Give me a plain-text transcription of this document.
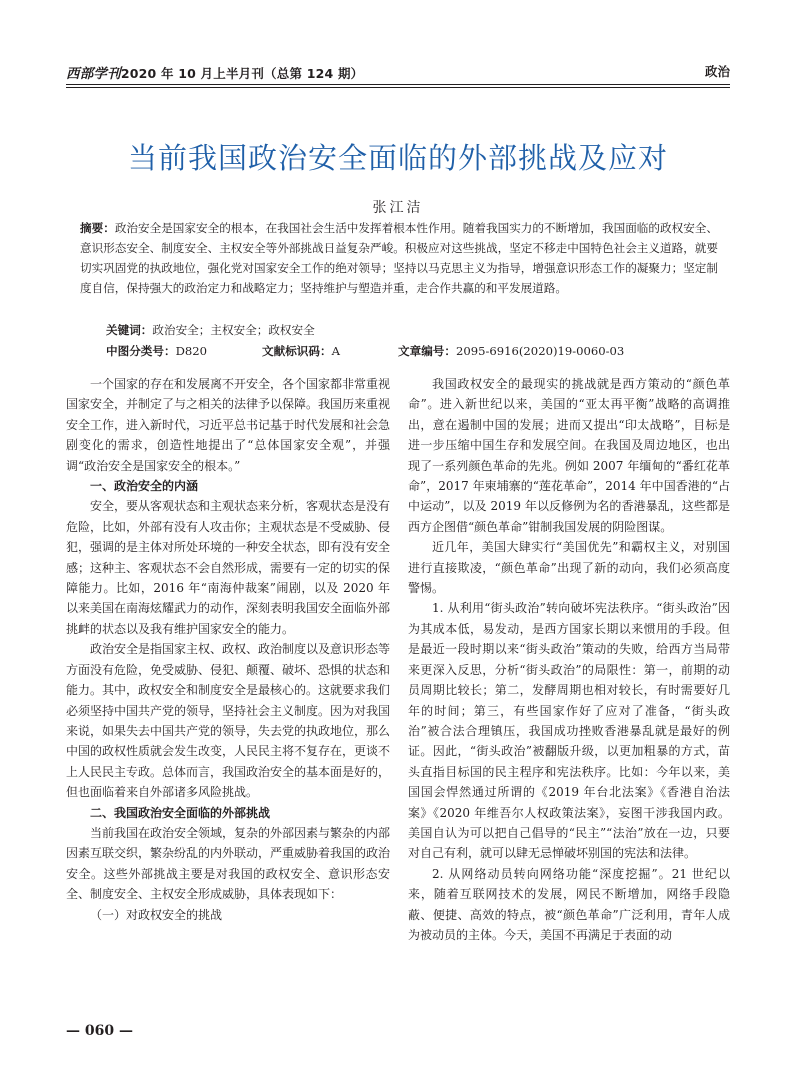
西部学刊2020 年 10 月上半月刊（总第 124 期）	政治
当前我国政治安全面临的外部挑战及应对
张江洁
摘要：政治安全是国家安全的根本，在我国社会生活中发挥着根本性作用。随着我国实力的不断增加，我国面临的政权安全、意识形态安全、制度安全、主权安全等外部挑战日益复杂严峻。积极应对这些挑战，坚定不移走中国特色社会主义道路，就要切实巩固党的执政地位，强化党对国家安全工作的绝对领导；坚持以马克思主义为指导，增强意识形态工作的凝聚力；坚定制度自信，保持强大的政治定力和战略定力；坚持维护与塑造并重，走合作共赢的和平发展道路。
关键词：政治安全；主权安全；政权安全
中图分类号：D820	文献标识码：A	文章编号：2095-6916(2020)19-0060-03

一个国家的存在和发展离不开安全，各个国家都非常重视国家安全，并制定了与之相关的法律予以保障。我国历来重视安全工作，进入新时代，习近平总书记基于时代发展和社会急剧变化的需求，创造性地提出了“总体国家安全观”，并强调“政治安全是国家安全的根本。”

一、政治安全的内涵

安全，要从客观状态和主观状态来分析，客观状态是没有危险，比如，外部有没有人攻击你；主观状态是不受威胁、侵犯，强调的是主体对所处环境的一种安全状态，即有没有安全感；这种主、客观状态不会自然形成，需要有一定的切实的保障能力。比如，2016 年“南海仲裁案”闹剧，以及 2020 年以来美国在南海炫耀武力的动作，深刻表明我国安全面临外部挑衅的状态以及我有维护国家安全的能力。

政治安全是指国家主权、政权、政治制度以及意识形态等方面没有危险，免受威胁、侵犯、颠覆、破坏、恐惧的状态和能力。其中，政权安全和制度安全是最核心的。这就要求我们必须坚持中国共产党的领导，坚持社会主义制度。因为对我国来说，如果失去中国共产党的领导，失去党的执政地位，那么中国的政权性质就会发生改变，人民民主将不复存在，更谈不上人民民主专政。总体而言，我国政治安全的基本面是好的，但也面临着来自外部诸多风险挑战。

二、我国政治安全面临的外部挑战

当前我国在政治安全领域，复杂的外部因素与繁杂的内部因素互联交织，繁杂纷乱的内外联动，严重威胁着我国的政治安全。这些外部挑战主要是对我国的政权安全、意识形态安全、制度安全、主权安全形成威胁，具体表现如下：

（一）对政权安全的挑战

我国政权安全的最现实的挑战就是西方策动的“颜色革命”。进入新世纪以来，美国的“亚太再平衡”战略的高调推出，意在遏制中国的发展；进而又提出“印太战略”，目标是进一步压缩中国生存和发展空间。在我国及周边地区，也出现了一系列颜色革命的先兆。例如 2007 年缅甸的“番红花革命”，2017 年柬埔寨的“莲花革命”，2014 年中国香港的“占中运动”，以及 2019 年以反修例为名的香港暴乱，这些都是西方企图借“颜色革命”钳制我国发展的阴险图谋。

近几年，美国大肆实行“美国优先”和霸权主义，对别国进行直接欺凌，“颜色革命”出现了新的动向，我们必须高度警惕。

1. 从利用“街头政治”转向破坏宪法秩序。“街头政治”因为其成本低，易发动，是西方国家长期以来惯用的手段。但是最近一段时期以来“街头政治”策动的失败，给西方当局带来更深入反思，分析“街头政治”的局限性：第一，前期的动员周期比较长；第二，发酵周期也相对较长，有时需要好几年的时间；第三，有些国家作好了应对了准备，“街头政治”被合法合理镇压，我国成功挫败香港暴乱就是最好的例证。因此，“街头政治”被翻版升级，以更加粗暴的方式，苗头直指目标国的民主程序和宪法秩序。比如：今年以来，美国国会悍然通过所谓的《2019 年台北法案》《香港自治法案》《2020 年维吾尔人权政策法案》，妄图干涉我国内政。美国自认为可以把自己倡导的“民主”“法治”放在一边，只要对自己有利，就可以肆无忌惮破坏别国的宪法和法律。

2. 从网络动员转向网络功能“深度挖掘”。21 世纪以来，随着互联网技术的发展，网民不断增加，网络手段隐蔽、便捷、高效的特点，被“颜色革命”广泛利用，青年人成为被动员的主体。今天，美国不再满足于表面的动

— 060 —
